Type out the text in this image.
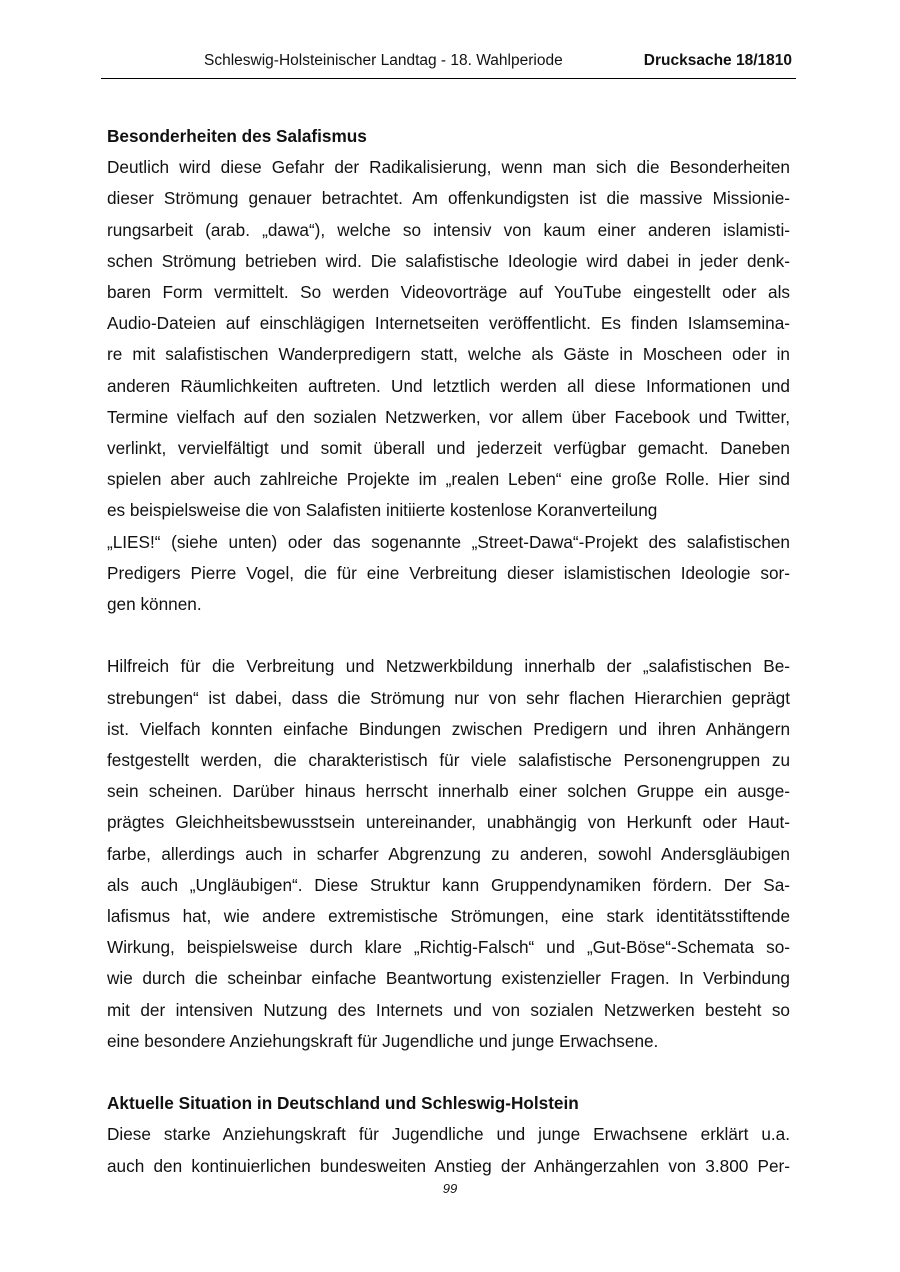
Schleswig-Holsteinischer Landtag - 18. Wahlperiode	Drucksache 18/1810
Besonderheiten des Salafismus

Deutlich wird diese Gefahr der Radikalisierung, wenn man sich die Besonderheiten
dieser Strömung genauer betrachtet. Am offenkundigsten ist die massive Missionie-
rungsarbeit (arab. „dawa“), welche so intensiv von kaum einer anderen islamisti-
schen Strömung betrieben wird. Die salafistische Ideologie wird dabei in jeder denk-
baren Form vermittelt. So werden Videovorträge auf YouTube eingestellt oder als
Audio-Dateien auf einschlägigen Internetseiten veröffentlicht. Es finden Islamsemina-
re mit salafistischen Wanderpredigern statt, welche als Gäste in Moscheen oder in
anderen Räumlichkeiten auftreten. Und letztlich werden all diese Informationen und
Termine vielfach auf den sozialen Netzwerken, vor allem über Facebook und Twitter,
verlinkt, vervielfältigt und somit überall und jederzeit verfügbar gemacht. Daneben
spielen aber auch zahlreiche Projekte im „realen Leben“ eine große Rolle. Hier sind
es beispielsweise die von Salafisten initiierte kostenlose Koranverteilung
„LIES!“ (siehe unten) oder das sogenannte „Street-Dawa“-Projekt des salafistischen
Predigers Pierre Vogel, die für eine Verbreitung dieser islamistischen Ideologie sor-
gen können.

Hilfreich für die Verbreitung und Netzwerkbildung innerhalb der „salafistischen Be-
strebungen“ ist dabei, dass die Strömung nur von sehr flachen Hierarchien geprägt
ist. Vielfach konnten einfache Bindungen zwischen Predigern und ihren Anhängern
festgestellt werden, die charakteristisch für viele salafistische Personengruppen zu
sein scheinen. Darüber hinaus herrscht innerhalb einer solchen Gruppe ein ausge-
prägtes Gleichheitsbewusstsein untereinander, unabhängig von Herkunft oder Haut-
farbe, allerdings auch in scharfer Abgrenzung zu anderen, sowohl Andersgläubigen
als auch „Ungläubigen“. Diese Struktur kann Gruppendynamiken fördern. Der Sa-
lafismus hat, wie andere extremistische Strömungen, eine stark identitätsstiftende
Wirkung, beispielsweise durch klare „Richtig-Falsch“ und „Gut-Böse“-Schemata so-
wie durch die scheinbar einfache Beantwortung existenzieller Fragen. In Verbindung
mit der intensiven Nutzung des Internets und von sozialen Netzwerken besteht so
eine besondere Anziehungskraft für Jugendliche und junge Erwachsene.

Aktuelle Situation in Deutschland und Schleswig-Holstein

Diese starke Anziehungskraft für Jugendliche und junge Erwachsene erklärt u.a.
auch den kontinuierlichen bundesweiten Anstieg der Anhängerzahlen von 3.800 Per-

99
